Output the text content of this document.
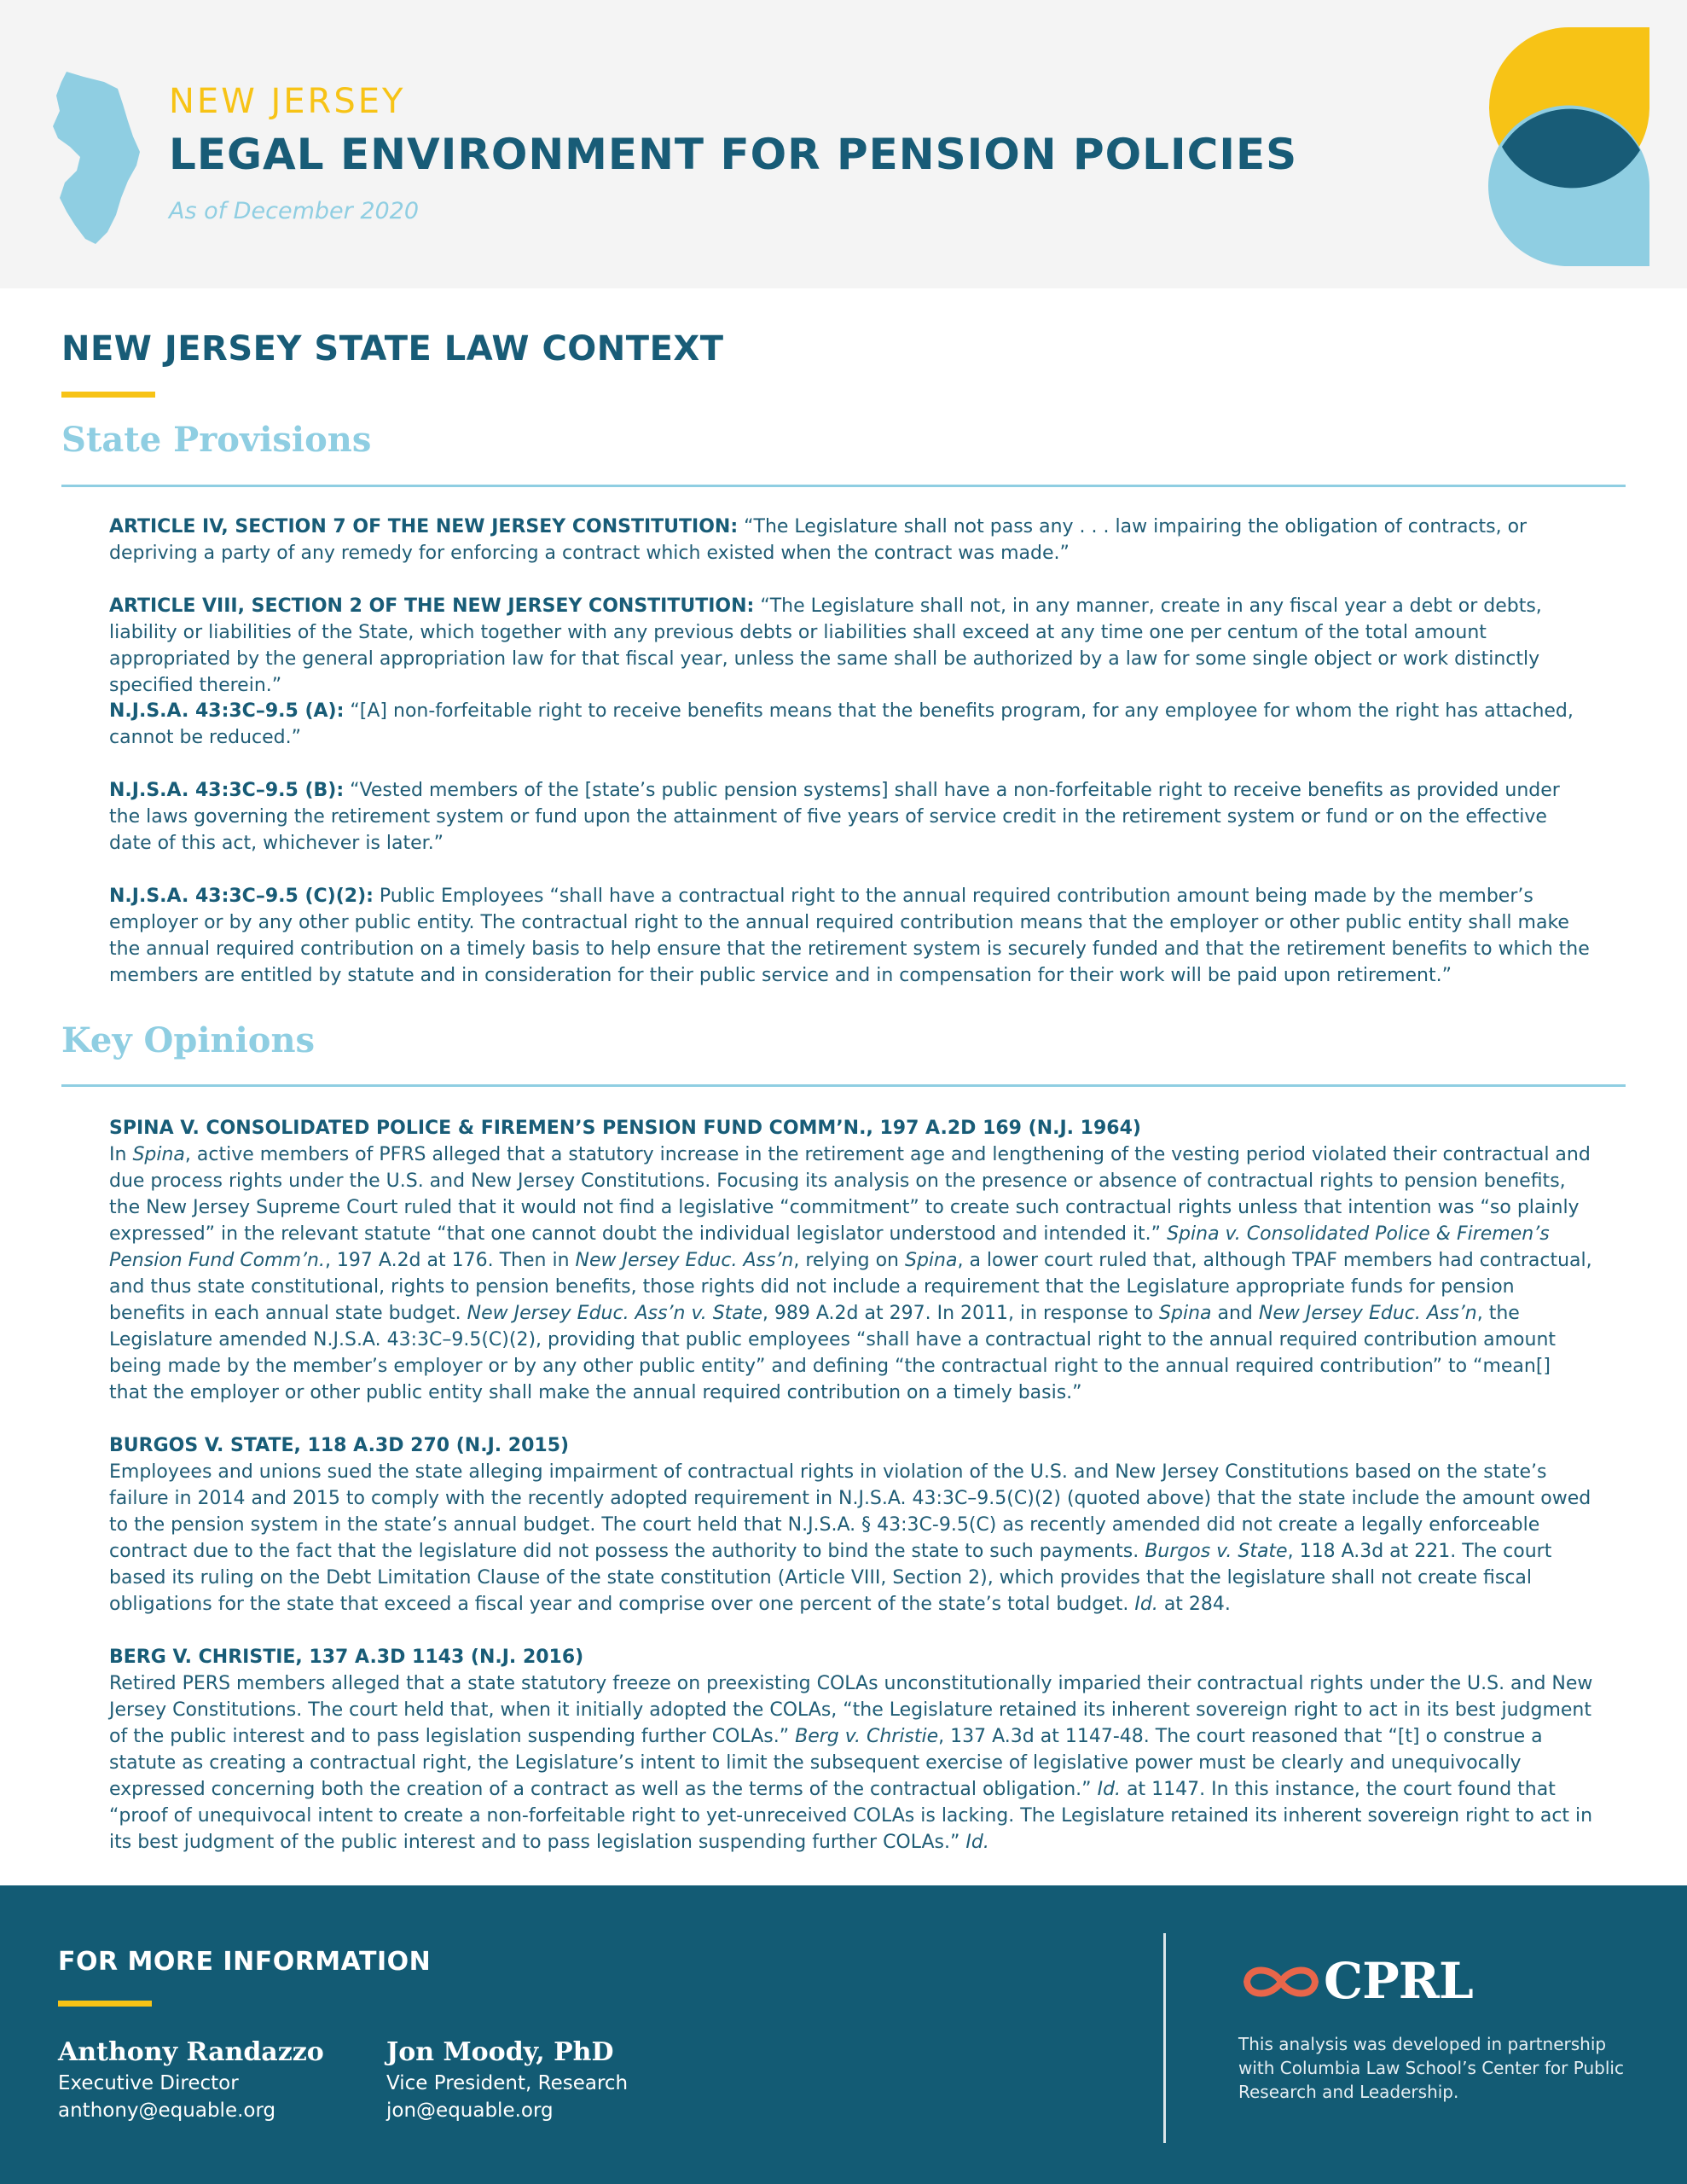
NEW JERSEY
LEGAL ENVIRONMENT FOR PENSION POLICIES
As of December 2020
NEW JERSEY STATE LAW CONTEXT
State Provisions
ARTICLE IV, SECTION 7 OF THE NEW JERSEY CONSTITUTION: “The Legislature shall not pass any . . . law impairing the obligation of contracts, or depriving a party of any remedy for enforcing a contract which existed when the contract was made.”
ARTICLE VIII, SECTION 2 OF THE NEW JERSEY CONSTITUTION: “The Legislature shall not, in any manner, create in any fiscal year a debt or debts, liability or liabilities of the State, which together with any previous debts or liabilities shall exceed at any time one per centum of the total amount appropriated by the general appropriation law for that fiscal year, unless the same shall be authorized by a law for some single object or work distinctly specified therein.”
N.J.S.A. 43:3C–9.5 (A): “[A] non-forfeitable right to receive benefits means that the benefits program, for any employee for whom the right has attached, cannot be reduced.”
N.J.S.A. 43:3C–9.5 (B): “Vested members of the [state’s public pension systems] shall have a non-forfeitable right to receive benefits as provided under the laws governing the retirement system or fund upon the attainment of five years of service credit in the retirement system or fund or on the effective date of this act, whichever is later.”
N.J.S.A. 43:3C–9.5 (C)(2): Public Employees “shall have a contractual right to the annual required contribution amount being made by the member’s employer or by any other public entity. The contractual right to the annual required contribution means that the employer or other public entity shall make the annual required contribution on a timely basis to help ensure that the retirement system is securely funded and that the retirement benefits to which the members are entitled by statute and in consideration for their public service and in compensation for their work will be paid upon retirement.”
Key Opinions
SPINA V. CONSOLIDATED POLICE & FIREMEN’S PENSION FUND COMM’N., 197 A.2D 169 (N.J. 1964)
In Spina, active members of PFRS alleged that a statutory increase in the retirement age and lengthening of the vesting period violated their contractual and due process rights under the U.S. and New Jersey Constitutions. Focusing its analysis on the presence or absence of contractual rights to pension benefits, the New Jersey Supreme Court ruled that it would not find a legislative “commitment” to create such contractual rights unless that intention was “so plainly expressed” in the relevant statute “that one cannot doubt the individual legislator understood and intended it.” Spina v. Consolidated Police & Firemen’s Pension Fund Comm’n., 197 A.2d at 176. Then in New Jersey Educ. Ass’n, relying on Spina, a lower court ruled that, although TPAF members had contractual, and thus state constitutional, rights to pension benefits, those rights did not include a requirement that the Legislature appropriate funds for pension benefits in each annual state budget. New Jersey Educ. Ass’n v. State, 989 A.2d at 297. In 2011, in response to Spina and New Jersey Educ. Ass’n, the Legislature amended N.J.S.A. 43:3C–9.5(C)(2), providing that public employees “shall have a contractual right to the annual required contribution amount being made by the member’s employer or by any other public entity” and defining “the contractual right to the annual required contribution” to “mean[] that the employer or other public entity shall make the annual required contribution on a timely basis.”
BURGOS V. STATE, 118 A.3D 270 (N.J. 2015)
Employees and unions sued the state alleging impairment of contractual rights in violation of the U.S. and New Jersey Constitutions based on the state’s failure in 2014 and 2015 to comply with the recently adopted requirement in N.J.S.A. 43:3C–9.5(C)(2) (quoted above) that the state include the amount owed to the pension system in the state’s annual budget. The court held that N.J.S.A. § 43:3C-9.5(C) as recently amended did not create a legally enforceable contract due to the fact that the legislature did not possess the authority to bind the state to such payments. Burgos v. State, 118 A.3d at 221. The court based its ruling on the Debt Limitation Clause of the state constitution (Article VIII, Section 2), which provides that the legislature shall not create fiscal obligations for the state that exceed a fiscal year and comprise over one percent of the state’s total budget. Id. at 284.
BERG V. CHRISTIE, 137 A.3D 1143 (N.J. 2016)
Retired PERS members alleged that a state statutory freeze on preexisting COLAs unconstitutionally imparied their contractual rights under the U.S. and New Jersey Constitutions. The court held that, when it initially adopted the COLAs, “the Legislature retained its inherent sovereign right to act in its best judgment of the public interest and to pass legislation suspending further COLAs.” Berg v. Christie, 137 A.3d at 1147-48. The court reasoned that “[t] o construe a statute as creating a contractual right, the Legislature’s intent to limit the subsequent exercise of legislative power must be clearly and unequivocally expressed concerning both the creation of a contract as well as the terms of the contractual obligation.” Id. at 1147. In this instance, the court found that “proof of unequivocal intent to create a non-forfeitable right to yet-unreceived COLAs is lacking. The Legislature retained its inherent sovereign right to act in its best judgment of the public interest and to pass legislation suspending further COLAs.” Id.
FOR MORE INFORMATION
Anthony Randazzo
Executive Director
anthony@equable.org
Jon Moody, PhD
Vice President, Research
jon@equable.org
CPRL
This analysis was developed in partnership with Columbia Law School’s Center for Public Research and Leadership.
